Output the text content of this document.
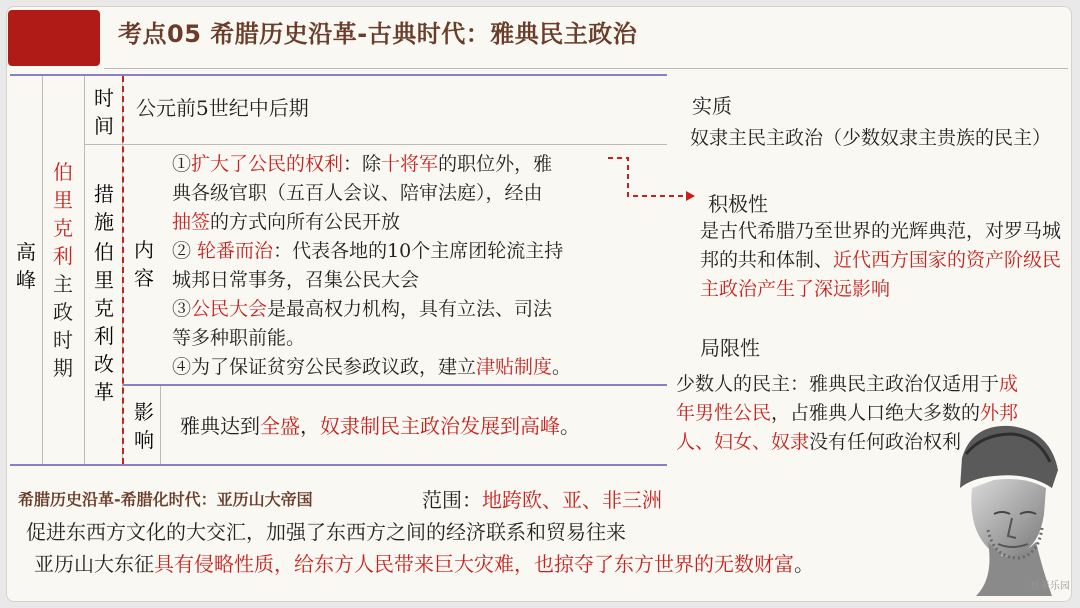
考点05 希腊历史沿革-古典时代：雅典民主政治
高峰
伯里克利主政时期
时间
公元前5世纪中后期
措施
伯里克利改革
内容
①扩大了公民的权利：除十将军的职位外，雅
典各级官职（五百人会议、陪审法庭），经由
抽签的方式向所有公民开放
② 轮番而治：代表各地的10个主席团轮流主持
城邦日常事务，召集公民大会
③公民大会是最高权力机构，具有立法、司法
等多种职前能。
④为了保证贫穷公民参政议政，建立津贴制度。
影响
雅典达到全盛，奴隶制民主政治发展到高峰。
实质
奴隶主民主政治（少数奴隶主贵族的民主）
积极性
是古代希腊乃至世界的光辉典范，对罗马城邦的共和体制、近代西方国家的资产阶级民主政治产生了深远影响
局限性
少数人的民主：雅典民主政治仅适用于成年男性公民，占雅典人口绝大多数的外邦人、妇女、奴隶没有任何政治权利
希腊历史沿革-希腊化时代：亚历山大帝国	范围：地跨欧、亚、非三洲
促进东西方文化的大交汇，加强了东西方之间的经济联系和贸易往来
亚历山大东征具有侵略性质，给东方人民带来巨大灾难，也掠夺了东方世界的无数财富。
豆米乐园
